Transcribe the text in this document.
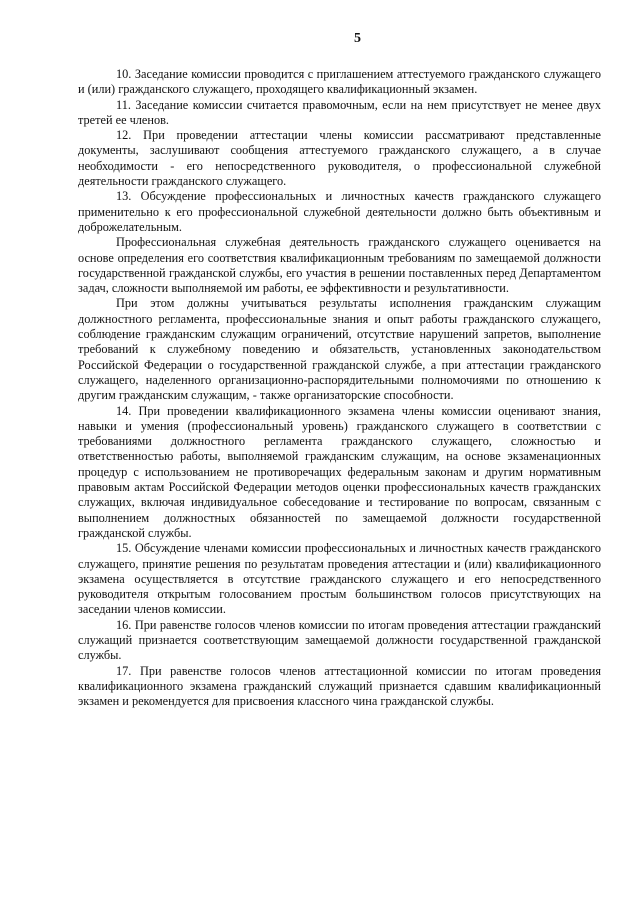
5

10. Заседание комиссии проводится с приглашением аттестуемого гражданского служащего и (или) гражданского служащего, проходящего квалификационный экзамен.

11. Заседание комиссии считается правомочным, если на нем присутствует не менее двух третей ее членов.

12. При проведении аттестации члены комиссии рассматривают представленные документы, заслушивают сообщения аттестуемого гражданского служащего, а в случае необходимости - его непосредственного руководителя, о профессиональной служебной деятельности гражданского служащего.

13. Обсуждение профессиональных и личностных качеств гражданского служащего применительно к его профессиональной служебной деятельности должно быть объективным и доброжелательным.

Профессиональная служебная деятельность гражданского служащего оценивается на основе определения его соответствия квалификационным требованиям по замещаемой должности государственной гражданской службы, его участия в решении поставленных перед Департаментом задач, сложности выполняемой им работы, ее эффективности и результативности.

При этом должны учитываться результаты исполнения гражданским служащим должностного регламента, профессиональные знания и опыт работы гражданского служащего, соблюдение гражданским служащим ограничений, отсутствие нарушений запретов, выполнение требований к служебному поведению и обязательств, установленных законодательством Российской Федерации о государственной гражданской службе, а при аттестации гражданского служащего, наделенного организационно-распорядительными полномочиями по отношению к другим гражданским служащим, - также организаторские способности.

14. При проведении квалификационного экзамена члены комиссии оценивают знания, навыки и умения (профессиональный уровень) гражданского служащего в соответствии с требованиями должностного регламента гражданского служащего, сложностью и ответственностью работы, выполняемой гражданским служащим, на основе экзаменационных процедур с использованием не противоречащих федеральным законам и другим нормативным правовым актам Российской Федерации методов оценки профессиональных качеств гражданских служащих, включая индивидуальное собеседование и тестирование по вопросам, связанным с выполнением должностных обязанностей по замещаемой должности государственной гражданской службы.

15. Обсуждение членами комиссии профессиональных и личностных качеств гражданского служащего, принятие решения по результатам проведения аттестации и (или) квалификационного экзамена осуществляется в отсутствие гражданского служащего и его непосредственного руководителя открытым голосованием простым большинством голосов присутствующих на заседании членов комиссии.

16. При равенстве голосов членов комиссии по итогам проведения аттестации гражданский служащий признается соответствующим замещаемой должности государственной гражданской службы.

17. При равенстве голосов членов аттестационной комиссии по итогам проведения квалификационного экзамена гражданский служащий признается сдавшим квалификационный экзамен и рекомендуется для присвоения классного чина гражданской службы.
